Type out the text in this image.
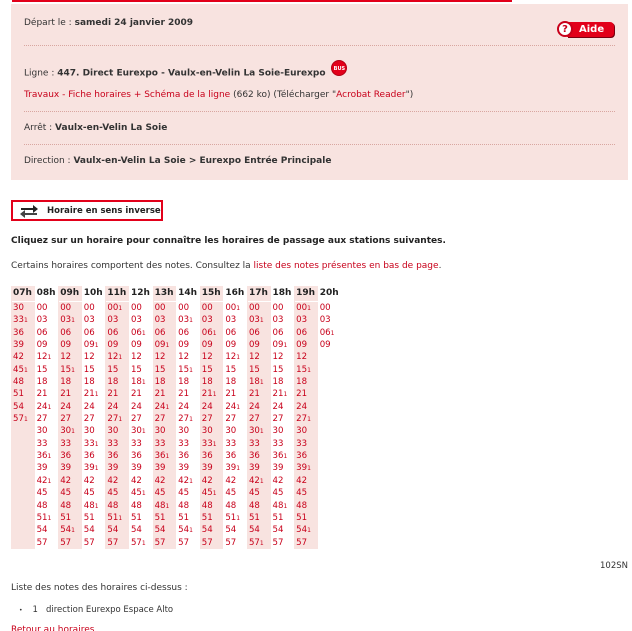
Départ le : samedi 24 janvier 2009
?	Aide
Ligne : 447. Direct Eurexpo - Vaulx-en-Velin La Soie-Eurexpo BUS
Travaux - Fiche horaires + Schéma de la ligne (662 ko) (Télécharger "Acrobat Reader")
Arrêt : Vaulx-en-Velin La Soie
Direction : Vaulx-en-Velin La Soie > Eurexpo Entrée Principale
Horaire en sens inverse
Cliquez sur un horaire pour connaître les horaires de passage aux stations suivantes.
Certains horaires comportent des notes. Consultez la liste des notes présentes en bas de page.
07h
30
331
36
39
42
451
48
51
54
571
08h
00
03
06
09
121
15
18
21
241
27
30
33
361
39
421
45
48
511
54
57
09h
00
031
06
09
12
151
18
21
24
27
301
33
36
39
42
45
48
51
541
57
10h
00
03
06
091
12
15
18
211
24
27
30
331
36
391
42
45
481
51
54
57
11h
001
03
06
09
121
15
18
21
24
271
30
33
36
39
42
45
48
511
54
57
12h
00
03
061
09
12
15
181
21
24
27
301
33
36
39
42
451
48
51
54
571
13h
00
03
06
091
12
15
18
21
241
27
30
33
361
39
42
45
481
51
54
57
14h
00
031
06
09
12
151
18
21
24
271
30
33
36
39
421
45
48
51
541
57
15h
00
03
061
09
12
15
18
211
24
27
30
331
36
39
42
451
48
51
54
57
16h
001
03
06
09
121
15
18
21
241
27
30
33
36
391
42
45
48
511
54
57
17h
00
031
06
09
12
15
181
21
24
27
301
33
36
39
421
45
48
51
54
571
18h
00
03
06
091
12
15
18
211
24
27
30
33
361
39
42
45
481
51
54
57
19h
001
03
06
09
12
151
18
21
24
271
30
33
36
391
42
45
48
51
541
57
20h
00
03
061
09
102SN
Liste des notes des horaires ci-dessus :
• 1 direction Eurexpo Espace Alto
Retour au horaires
